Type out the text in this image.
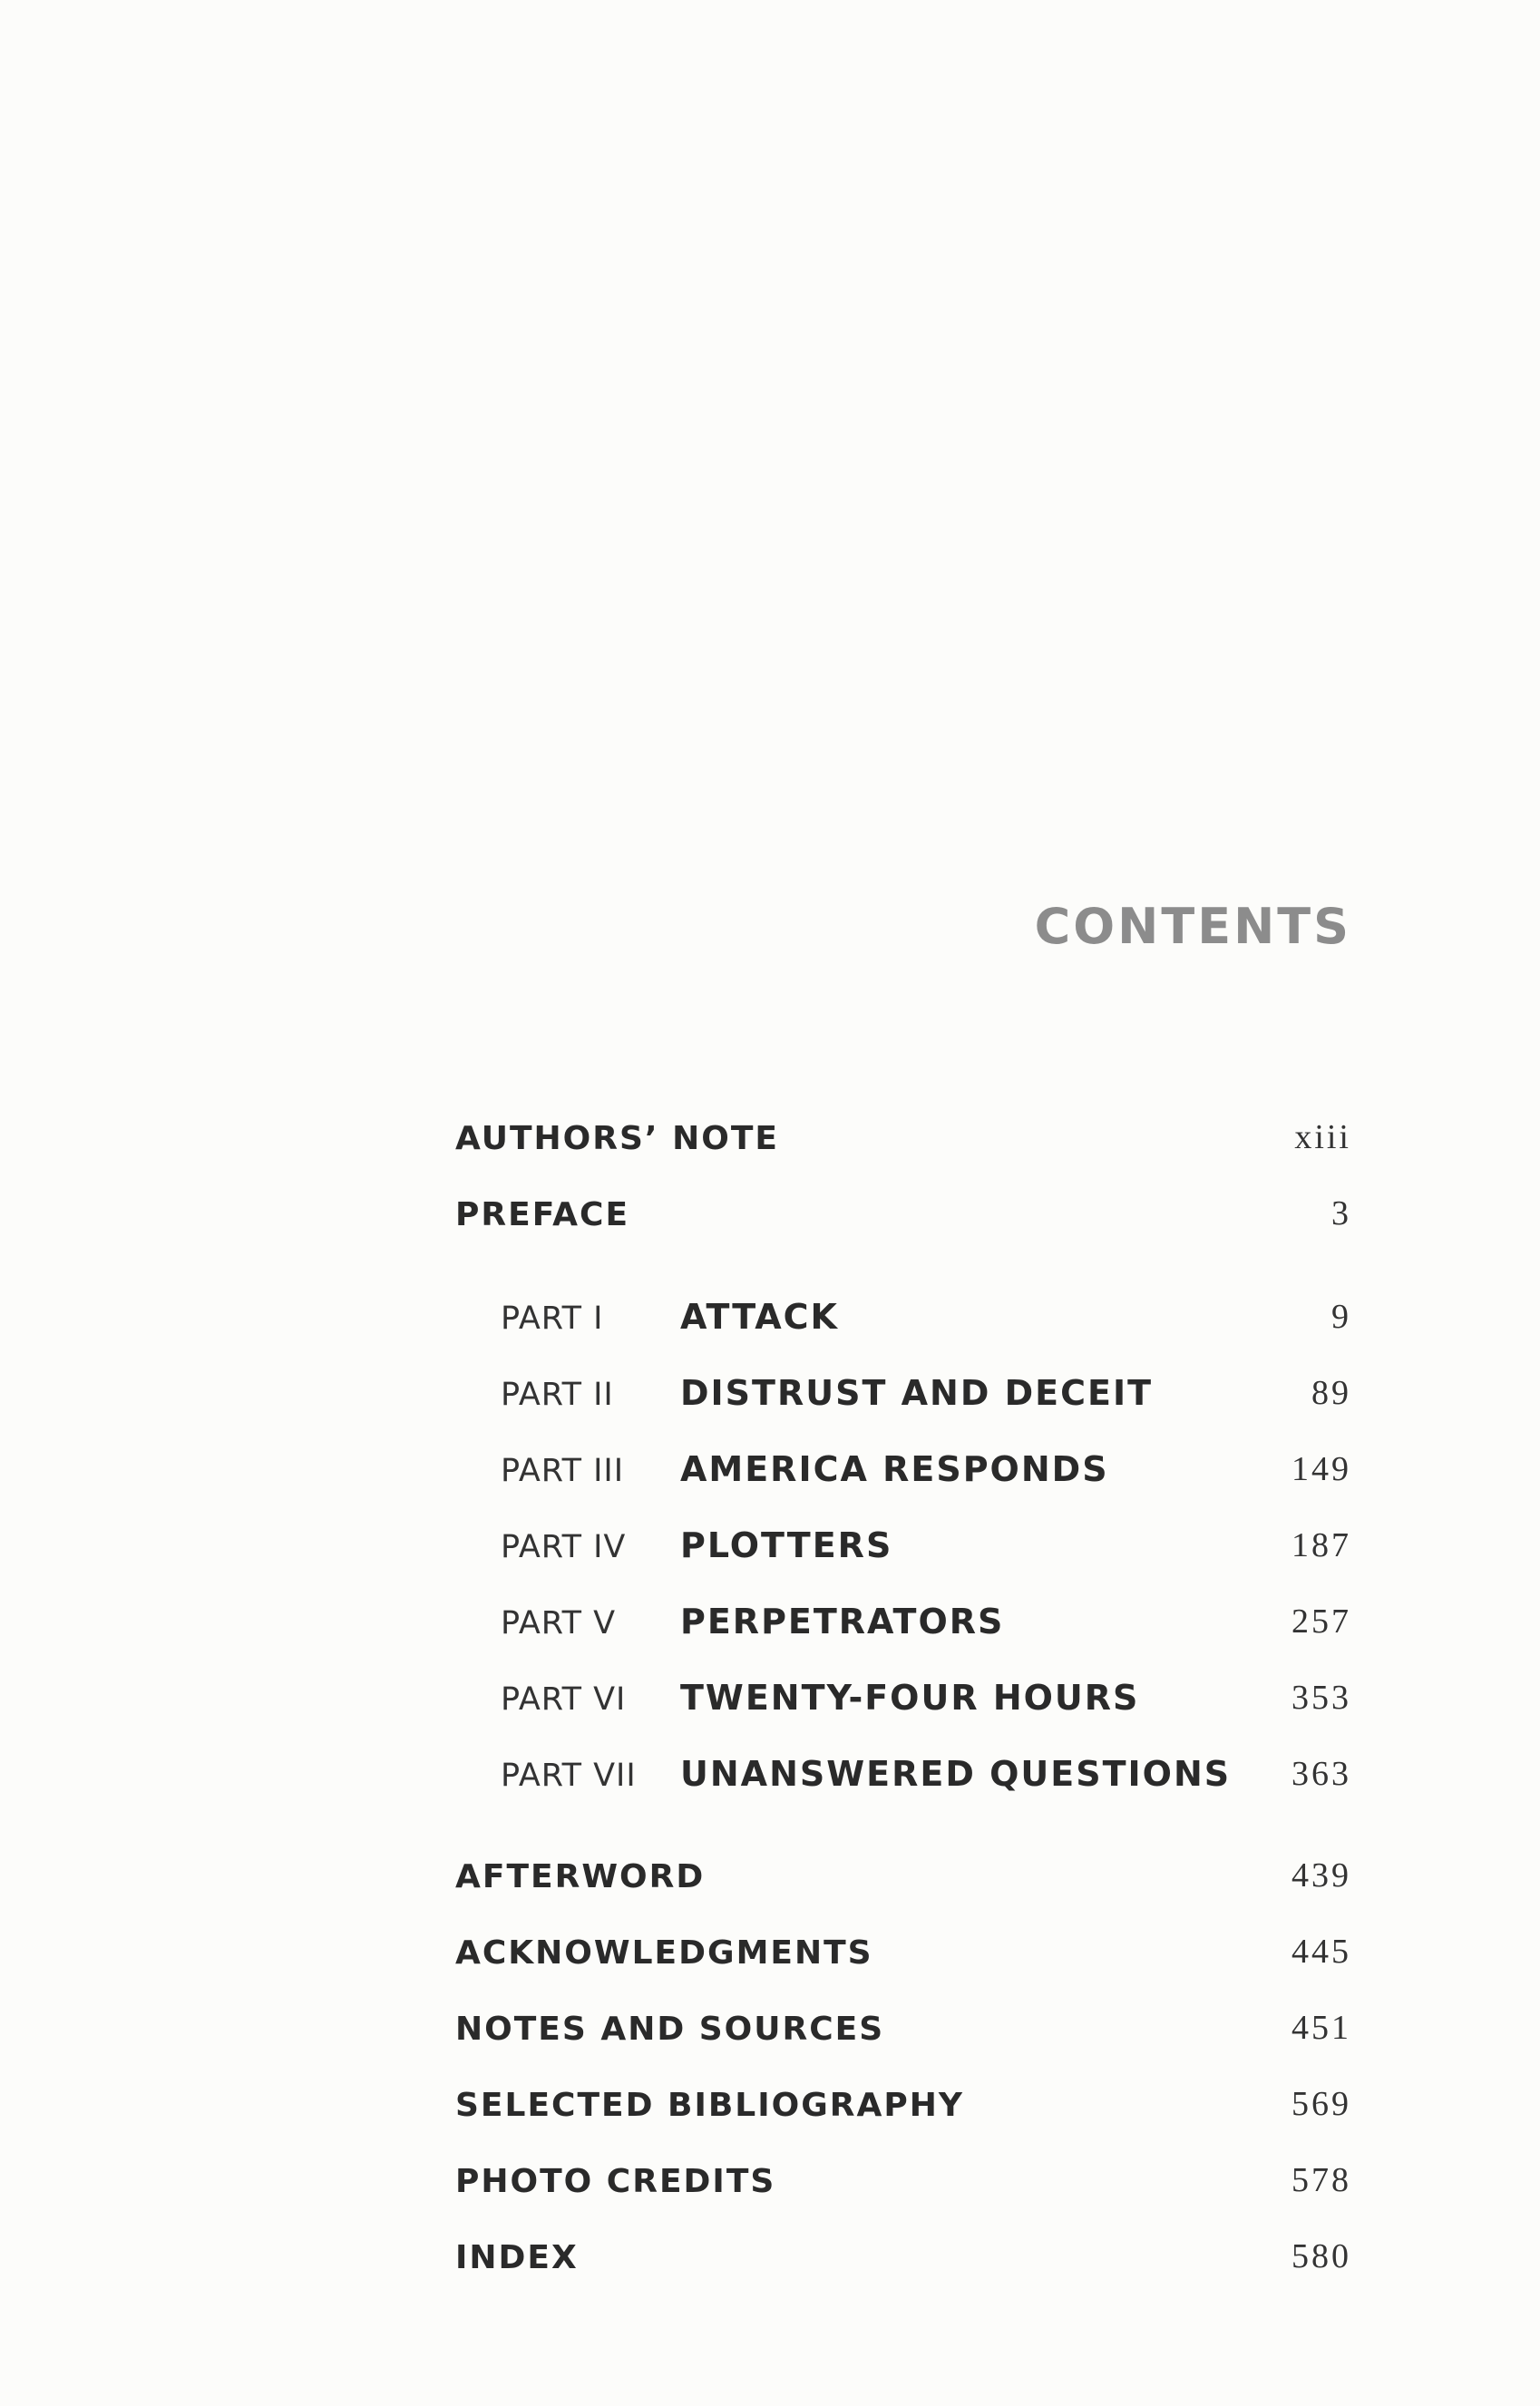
CONTENTS
AUTHORS’ NOTE	xiii
PREFACE	3
PART I ATTACK	9
PART II DISTRUST AND DECEIT	89
PART III AMERICA RESPONDS	149
PART IV PLOTTERS	187
PART V PERPETRATORS	257
PART VI TWENTY-FOUR HOURS	353
PART VII UNANSWERED QUESTIONS 363
AFTERWORD	439
ACKNOWLEDGMENTS	445
NOTES AND SOURCES	451
SELECTED BIBLIOGRAPHY	569
PHOTO CREDITS	578
INDEX	580
